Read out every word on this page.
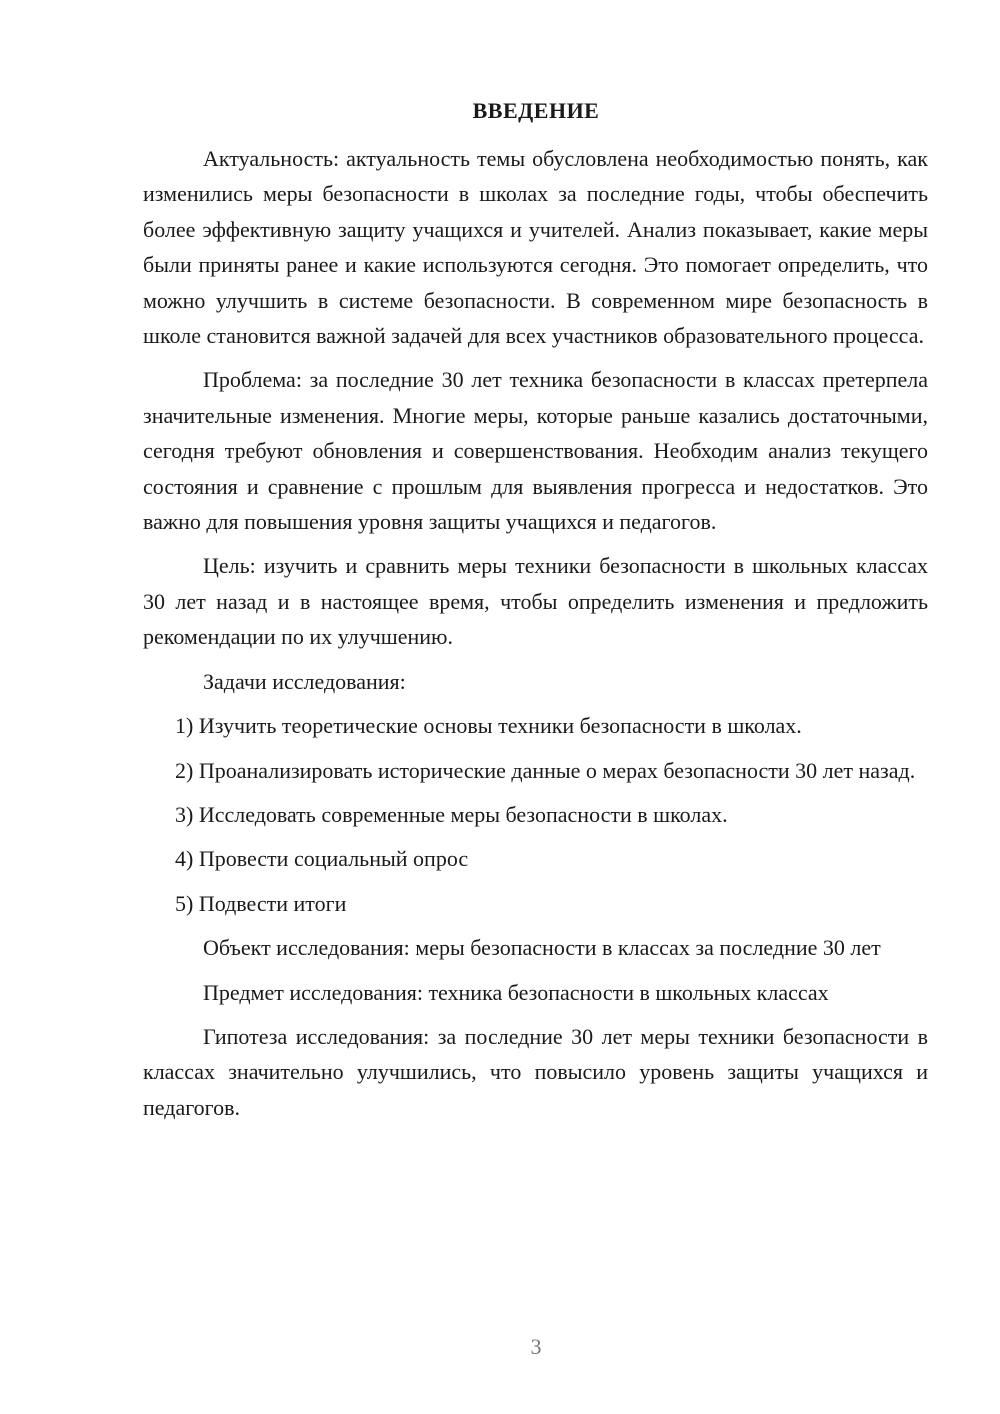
ВВЕДЕНИЕ

Актуальность: актуальность темы обусловлена необходимостью понять, как изменились меры безопасности в школах за последние годы, чтобы обеспечить более эффективную защиту учащихся и учителей. Анализ показывает, какие меры были приняты ранее и какие используются сегодня. Это помогает определить, что можно улучшить в системе безопасности. В современном мире безопасность в школе становится важной задачей для всех участников образовательного процесса.

Проблема: за последние 30 лет техника безопасности в классах претерпела значительные изменения. Многие меры, которые раньше казались достаточными, сегодня требуют обновления и совершенствования. Необходим анализ текущего состояния и сравнение с прошлым для выявления прогресса и недостатков. Это важно для повышения уровня защиты учащихся и педагогов.

Цель: изучить и сравнить меры техники безопасности в школьных классах 30 лет назад и в настоящее время, чтобы определить изменения и предложить рекомендации по их улучшению.

Задачи исследования:

1) Изучить теоретические основы техники безопасности в школах.

2) Проанализировать исторические данные о мерах безопасности 30 лет назад.

3) Исследовать современные меры безопасности в школах.

4) Провести социальный опрос

5) Подвести итоги

Объект исследования: меры безопасности в классах за последние 30 лет

Предмет исследования: техника безопасности в школьных классах

Гипотеза исследования: за последние 30 лет меры техники безопасности в классах значительно улучшились, что повысило уровень защиты учащихся и педагогов.

3
